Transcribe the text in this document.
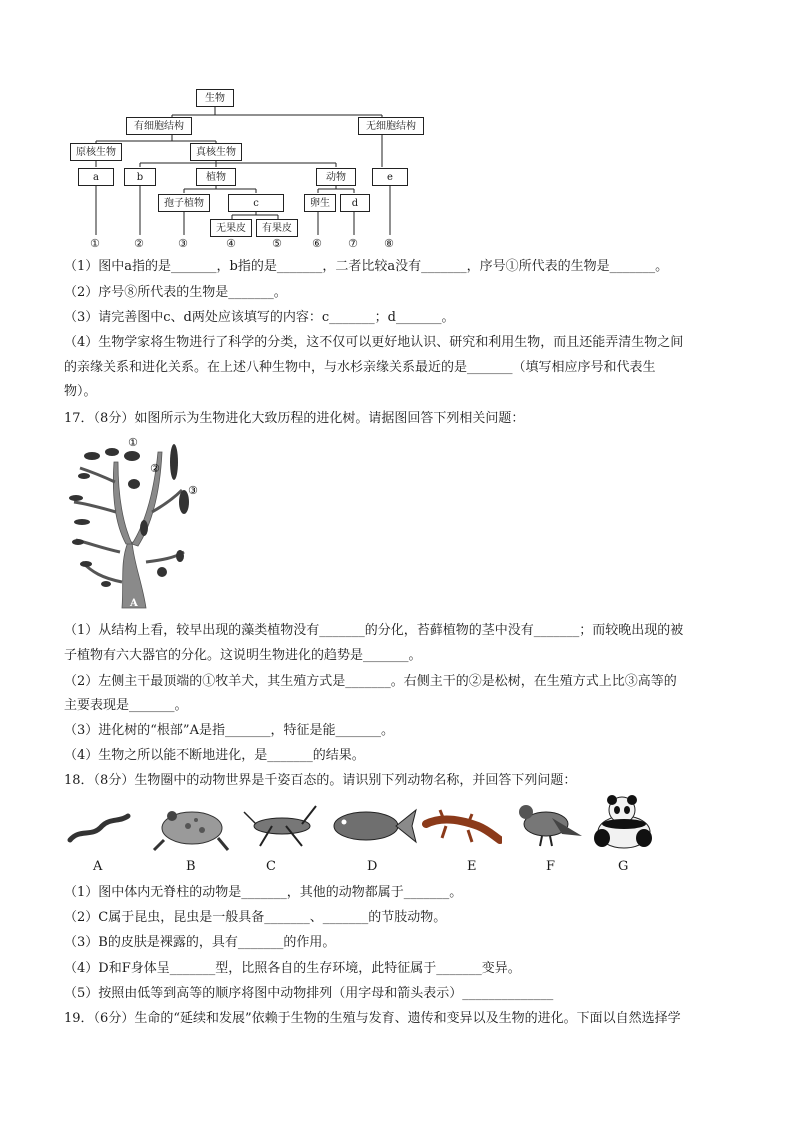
生物
有细胞结构	无细胞结构
原核生物	真核生物
a	b	植物	动物	e
孢子植物	c	卵生	d
无果皮	有果皮
①	②	③	④	⑤	⑥ ⑦ ⑧
（1）图中a指的是_______，b指的是_______，二者比较a没有_______，序号①所代表的生物是_______。
（2）序号⑧所代表的生物是_______。
（3）请完善图中c、d两处应该填写的内容：c_______；d_______。
（4）生物学家将生物进行了科学的分类，这不仅可以更好地认识、研究和利用生物，而且还能弄清生物之间
的亲缘关系和进化关系。在上述八种生物中，与水杉亲缘关系最近的是_______（填写相应序号和代表生
物）。
17．（8分）如图所示为生物进化大致历程的进化树。请据图回答下列相关问题：
①
②
③
A
（1）从结构上看，较早出现的藻类植物没有_______的分化，苔藓植物的茎中没有_______；而较晚出现的被
子植物有六大器官的分化。这说明生物进化的趋势是_______。
（2）左侧主干最顶端的①牧羊犬，其生殖方式是_______。右侧主干的②是松树，在生殖方式上比③高等的
主要表现是_______。
（3）进化树的“根部”A是指_______，特征是能_______。
（4）生物之所以能不断地进化，是_______的结果。
18．（8分）生物圈中的动物世界是千姿百态的。请识别下列动物名称，并回答下列问题：
A	B	C	D	E	F	G
（1）图中体内无脊柱的动物是_______，其他的动物都属于_______。
（2）C属于昆虫，昆虫是一般具备_______、_______的节肢动物。
（3）B的皮肤是裸露的，具有_______的作用。
（4）D和F身体呈_______型，比照各自的生存环境，此特征属于_______变异。
（5）按照由低等到高等的顺序将图中动物排列（用字母和箭头表示）______________
19．（6分）生命的“延续和发展”依赖于生物的生殖与发育、遗传和变异以及生物的进化。下面以自然选择学
